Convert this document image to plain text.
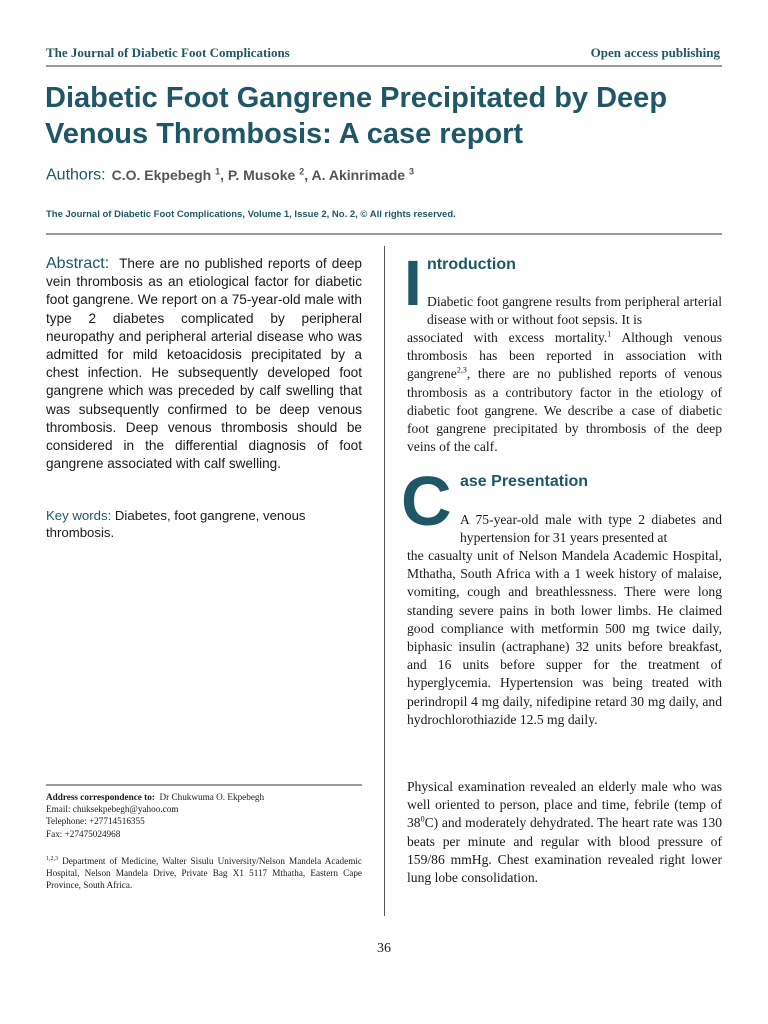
The Journal of Diabetic Foot Complications	Open access publishing
Diabetic Foot Gangrene Precipitated by Deep
Venous Thrombosis: A case report
Authors: C.O. Ekpebegh $^1$, P. Musoke $^2$, A. Akinrimade $^3$
The Journal of Diabetic Foot Complications, Volume 1, Issue 2, No. 2, © All rights reserved.
Abstract: There are no published reports of deep vein thrombosis as an etiological factor for diabetic foot gangrene. We report on a 75-year-old male with type 2 diabetes complicated by peripheral neuropathy and peripheral arterial disease who was admitted for mild ketoacidosis precipitated by a chest infection. He subsequently developed foot gangrene which was preceded by calf swelling that was subsequently confirmed to be deep venous thrombosis. Deep venous thrombosis should be considered in the differential diagnosis of foot gangrene associated with calf swelling.
Key words: Diabetes, foot gangrene, venous thrombosis.
Address correspondence to: Dr Chukwuma O. Ekpebegh
Email: chuksekpebegh@yahoo.com
Telephone: +27714516355
Fax: +27475024968
$^{1,2,3}$ Department of Medicine, Walter Sisulu University/Nelson Mandela Academic Hospital, Nelson Mandela Drive, Private Bag X1 5117 Mthatha, Eastern Cape Province, South Africa.
I ntroduction
Diabetic foot gangrene results from peripheral arterial disease with or without foot sepsis. It is
associated with excess mortality.$^1$ Although venous thrombosis has been reported in association with gangrene$^{2,3}$, there are no published reports of venous thrombosis as a contributory factor in the etiology of diabetic foot gangrene. We describe a case of diabetic foot gangrene precipitated by thrombosis of the deep veins of the calf.
C ase Presentation
A 75-year-old male with type 2 diabetes and hypertension for 31 years presented at
the casualty unit of Nelson Mandela Academic Hospital, Mthatha, South Africa with a 1 week history of malaise, vomiting, cough and breathlessness. There were long standing severe pains in both lower limbs. He claimed good compliance with metformin 500 mg twice daily, biphasic insulin (actraphane) 32 units before breakfast, and 16 units before supper for the treatment of hyperglycemia. Hypertension was being treated with perindropil 4 mg daily, nifedipine retard 30 mg daily, and hydrochlorothiazide 12.5 mg daily.
Physical examination revealed an elderly male who was well oriented to person, place and time, febrile (temp of $38^0C$) and moderately dehydrated. The heart rate was 130 beats per minute and regular with blood pressure of 159/86 mmHg. Chest examination revealed right lower lung lobe consolidation.
36
